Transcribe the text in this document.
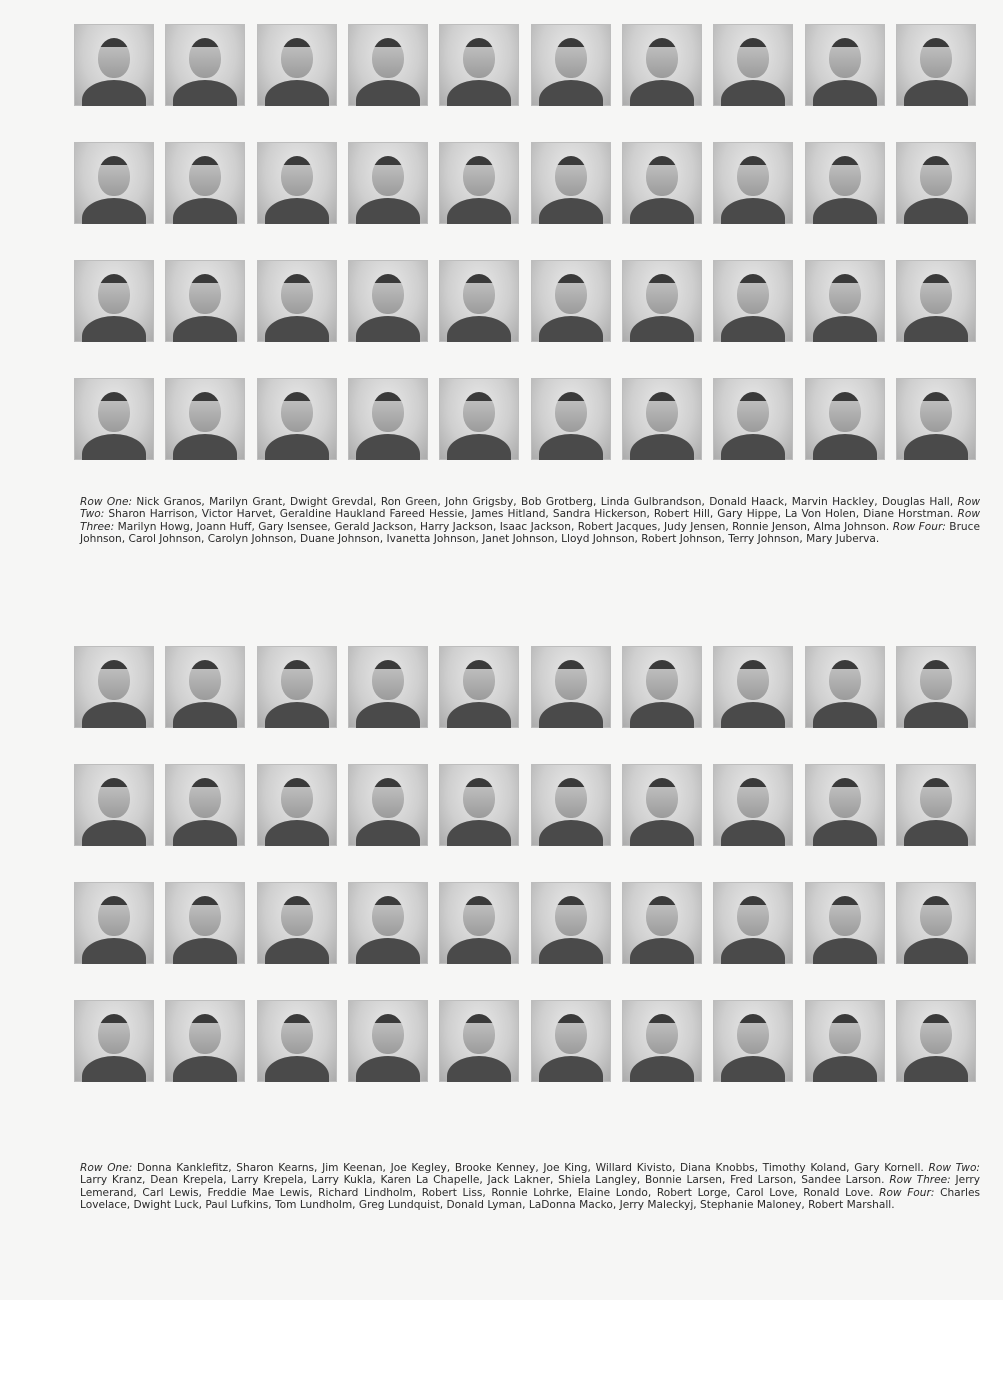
Row One: Nick Granos, Marilyn Grant, Dwight Grevdal, Ron Green, John Grigsby, Bob Grotberg, Linda Gulbrandson, Donald Haack, Marvin Hackley, Douglas Hall, Row Two: Sharon Harrison, Victor Harvet, Geraldine Haukland Fareed Hessie, James Hitland, Sandra Hickerson, Robert Hill, Gary Hippe, La Von Holen, Diane Horstman. Row Three: Marilyn Howg, Joann Huff, Gary Isensee, Gerald Jackson, Harry Jackson, Isaac Jackson, Robert Jacques, Judy Jensen, Ronnie Jenson, Alma Johnson. Row Four: Bruce Johnson, Carol Johnson, Carolyn Johnson, Duane Johnson, Ivanetta Johnson, Janet Johnson, Lloyd Johnson, Robert Johnson, Terry Johnson, Mary Juberva.
Row One: Donna Kanklefitz, Sharon Kearns, Jim Keenan, Joe Kegley, Brooke Kenney, Joe King, Willard Kivisto, Diana Knobbs, Timothy Koland, Gary Kornell. Row Two: Larry Kranz, Dean Krepela, Larry Krepela, Larry Kukla, Karen La Chapelle, Jack Lakner, Shiela Langley, Bonnie Larsen, Fred Larson, Sandee Larson. Row Three: Jerry Lemerand, Carl Lewis, Freddie Mae Lewis, Richard Lindholm, Robert Liss, Ronnie Lohrke, Elaine Londo, Robert Lorge, Carol Love, Ronald Love. Row Four: Charles Lovelace, Dwight Luck, Paul Lufkins, Tom Lundholm, Greg Lundquist, Donald Lyman, LaDonna Macko, Jerry Maleckyj, Stephanie Maloney, Robert Marshall.
